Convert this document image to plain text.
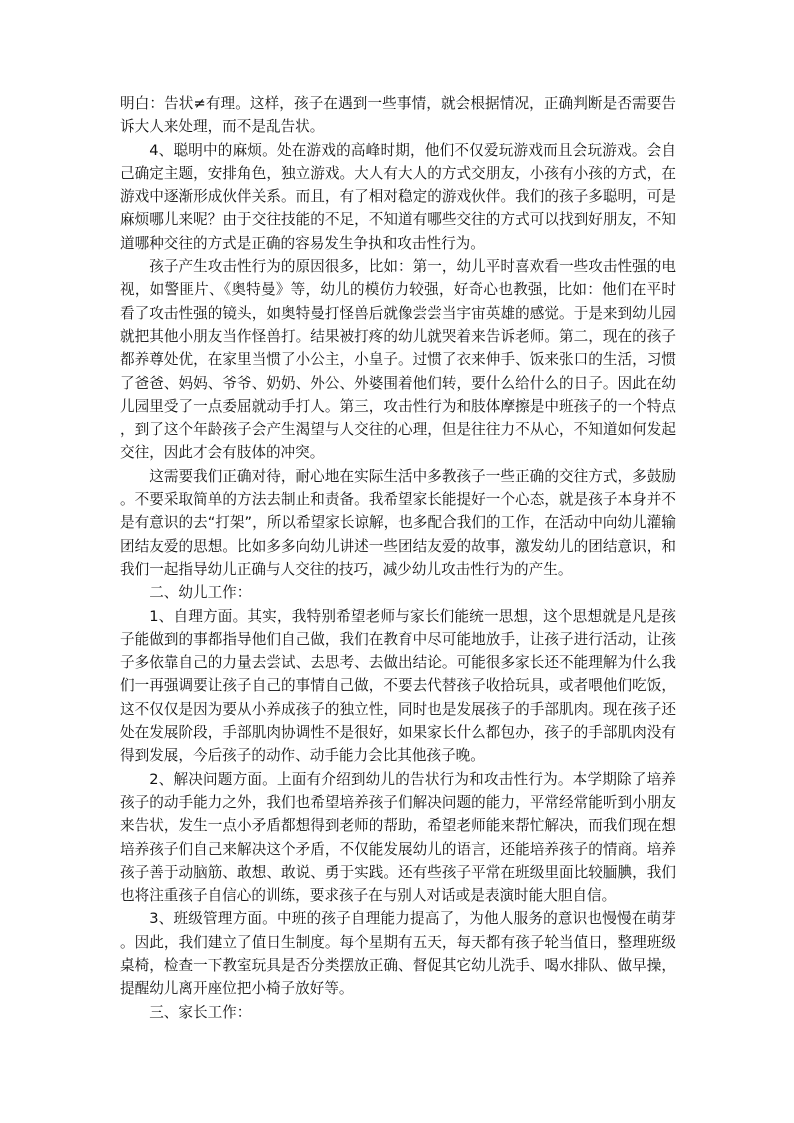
明白：告状≠有理。这样，孩子在遇到一些事情，就会根据情况，正确判断是否需要告诉大人来处理，而不是乱告状。

4、聪明中的麻烦。处在游戏的高峰时期，他们不仅爱玩游戏而且会玩游戏。会自己确定主题，安排角色，独立游戏。大人有大人的方式交朋友，小孩有小孩的方式，在游戏中逐渐形成伙伴关系。而且，有了相对稳定的游戏伙伴。我们的孩子多聪明，可是麻烦哪儿来呢？由于交往技能的不足，不知道有哪些交往的方式可以找到好朋友，不知道哪种交往的方式是正确的容易发生争执和攻击性行为。

孩子产生攻击性行为的原因很多，比如：第一，幼儿平时喜欢看一些攻击性强的电视，如警匪片、《奥特曼》等，幼儿的模仿力较强，好奇心也教强，比如：他们在平时看了攻击性强的镜头，如奥特曼打怪兽后就像尝尝当宇宙英雄的感觉。于是来到幼儿园就把其他小朋友当作怪兽打。结果被打疼的幼儿就哭着来告诉老师。第二，现在的孩子都养尊处优，在家里当惯了小公主，小皇子。过惯了衣来伸手、饭来张口的生活，习惯了爸爸、妈妈、爷爷、奶奶、外公、外婆围着他们转，要什么给什么的日子。因此在幼儿园里受了一点委屈就动手打人。第三，攻击性行为和肢体摩擦是中班孩子的一个特点，到了这个年龄孩子会产生渴望与人交往的心理，但是往往力不从心，不知道如何发起交往，因此才会有肢体的冲突。

这需要我们正确对待，耐心地在实际生活中多教孩子一些正确的交往方式，多鼓励。不要采取简单的方法去制止和责备。我希望家长能提好一个心态，就是孩子本身并不是有意识的去“打架”，所以希望家长谅解，也多配合我们的工作，在活动中向幼儿灌输团结友爱的思想。比如多多向幼儿讲述一些团结友爱的故事，激发幼儿的团结意识，和我们一起指导幼儿正确与人交往的技巧，减少幼儿攻击性行为的产生。

二、幼儿工作：

1、自理方面。其实，我特别希望老师与家长们能统一思想，这个思想就是凡是孩子能做到的事都指导他们自己做，我们在教育中尽可能地放手，让孩子进行活动，让孩子多依靠自己的力量去尝试、去思考、去做出结论。可能很多家长还不能理解为什么我们一再强调要让孩子自己的事情自己做，不要去代替孩子收拾玩具，或者喂他们吃饭，这不仅仅是因为要从小养成孩子的独立性，同时也是发展孩子的手部肌肉。现在孩子还处在发展阶段，手部肌肉协调性不是很好，如果家长什么都包办，孩子的手部肌肉没有得到发展，今后孩子的动作、动手能力会比其他孩子晚。

2、解决问题方面。上面有介绍到幼儿的告状行为和攻击性行为。本学期除了培养孩子的动手能力之外，我们也希望培养孩子们解决问题的能力，平常经常能听到小朋友来告状，发生一点小矛盾都想得到老师的帮助，希望老师能来帮忙解决，而我们现在想培养孩子们自己来解决这个矛盾，不仅能发展幼儿的语言，还能培养孩子的情商。培养孩子善于动脑筋、敢想、敢说、勇于实践。还有些孩子平常在班级里面比较腼腆，我们也将注重孩子自信心的训练，要求孩子在与别人对话或是表演时能大胆自信。

3、班级管理方面。中班的孩子自理能力提高了，为他人服务的意识也慢慢在萌芽。因此，我们建立了值日生制度。每个星期有五天，每天都有孩子轮当值日，整理班级桌椅，检查一下教室玩具是否分类摆放正确、督促其它幼儿洗手、喝水排队、做早操，提醒幼儿离开座位把小椅子放好等。

三、家长工作：
